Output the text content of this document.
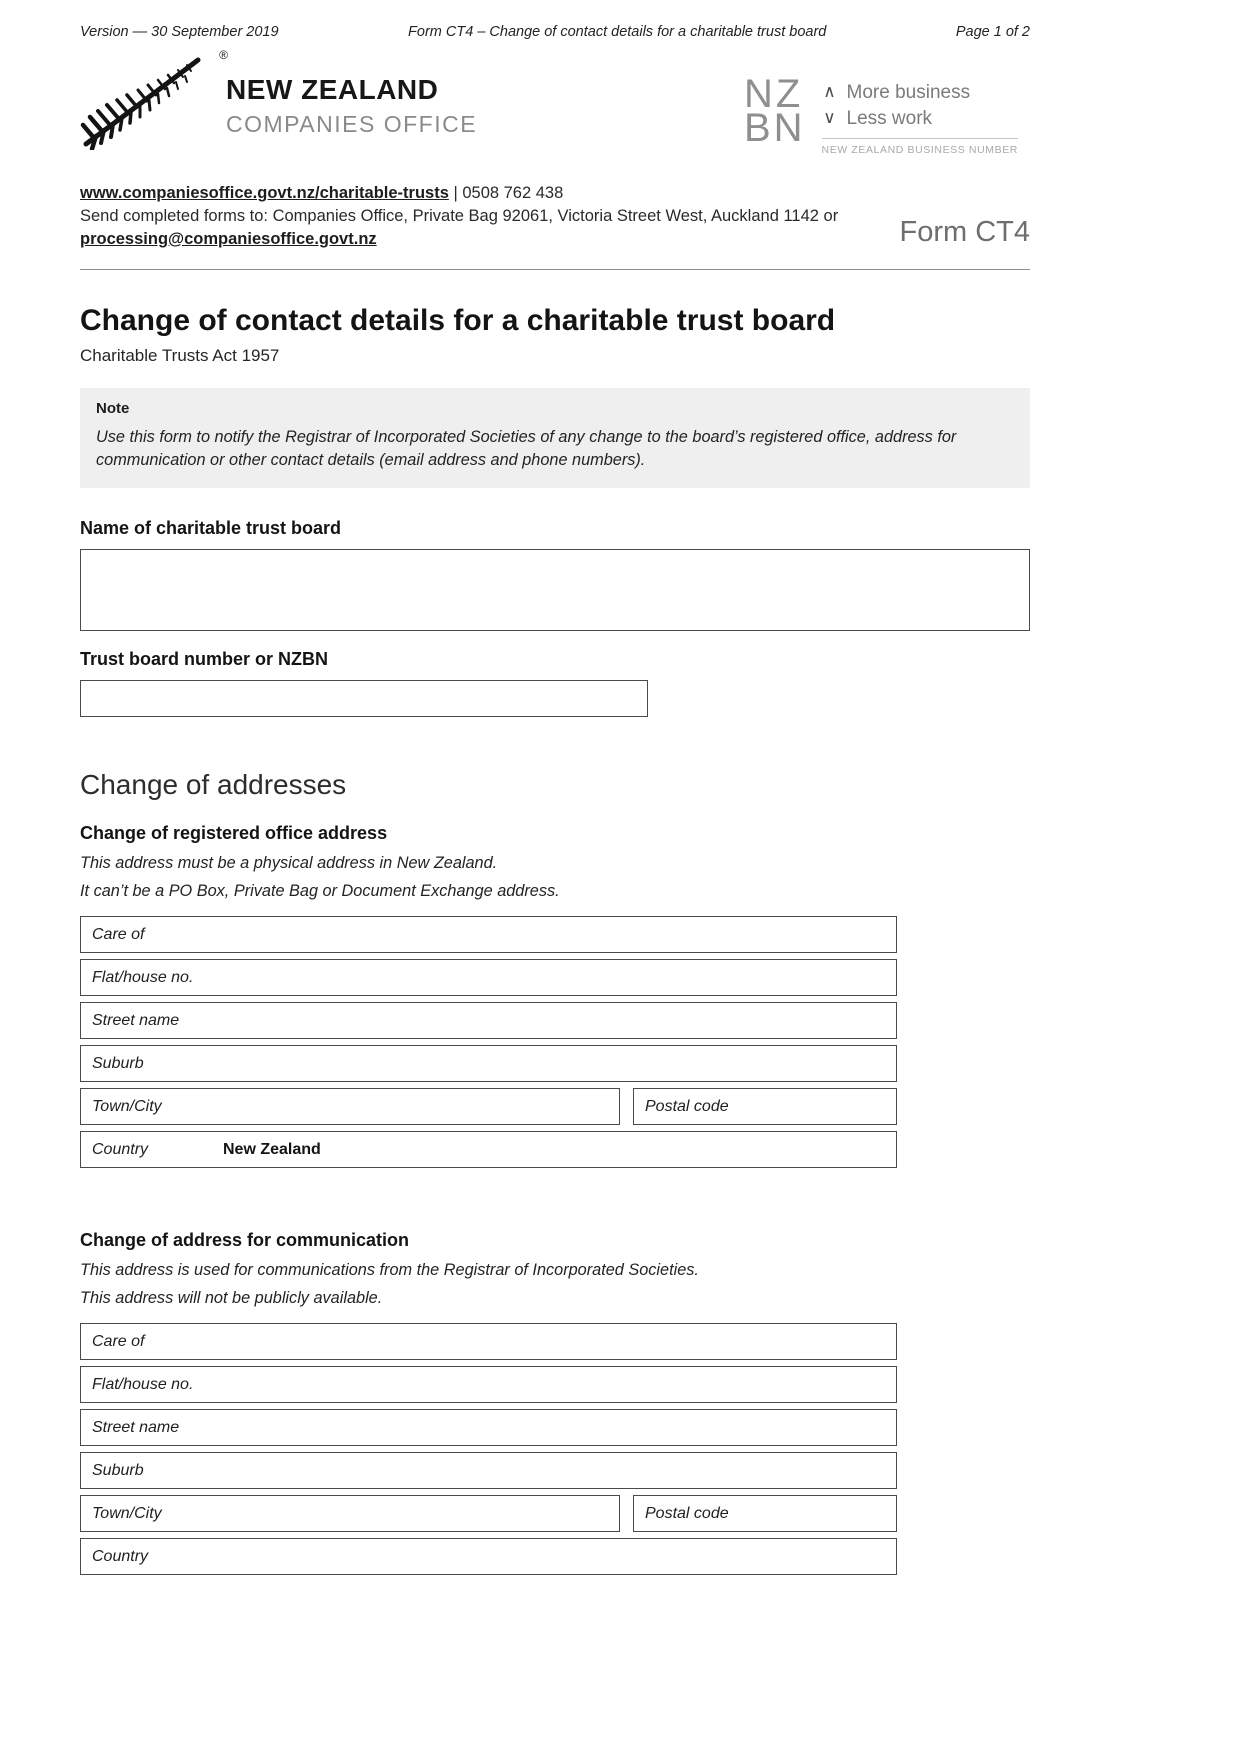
Version — 30 September 2019	Form CT4 – Change of contact details for a charitable trust board	Page 1 of 2
®
NEW ZEALAND
COMPANIES OFFICE
NZ
BN
∧ More business
∨ Less work
NEW ZEALAND BUSINESS NUMBER
www.companiesoffice.govt.nz/charitable-trusts | 0508 762 438
Send completed forms to: Companies Office, Private Bag 92061, Victoria Street West, Auckland 1142 or
processing@companiesoffice.govt.nz	Form CT4
Change of contact details for a charitable trust board
Charitable Trusts Act 1957
Note
Use this form to notify the Registrar of Incorporated Societies of any change to the board’s registered office, address for communication or other contact details (email address and phone numbers).
Name of charitable trust board
Trust board number or NZBN
Change of addresses
Change of registered office address
This address must be a physical address in New Zealand.
It can’t be a PO Box, Private Bag or Document Exchange address.
Care of
Flat/house no.
Street name
Suburb
Town/City	Postal code
Country	New Zealand
Change of address for communication
This address is used for communications from the Registrar of Incorporated Societies.
This address will not be publicly available.
Care of
Flat/house no.
Street name
Suburb
Town/City	Postal code
Country
